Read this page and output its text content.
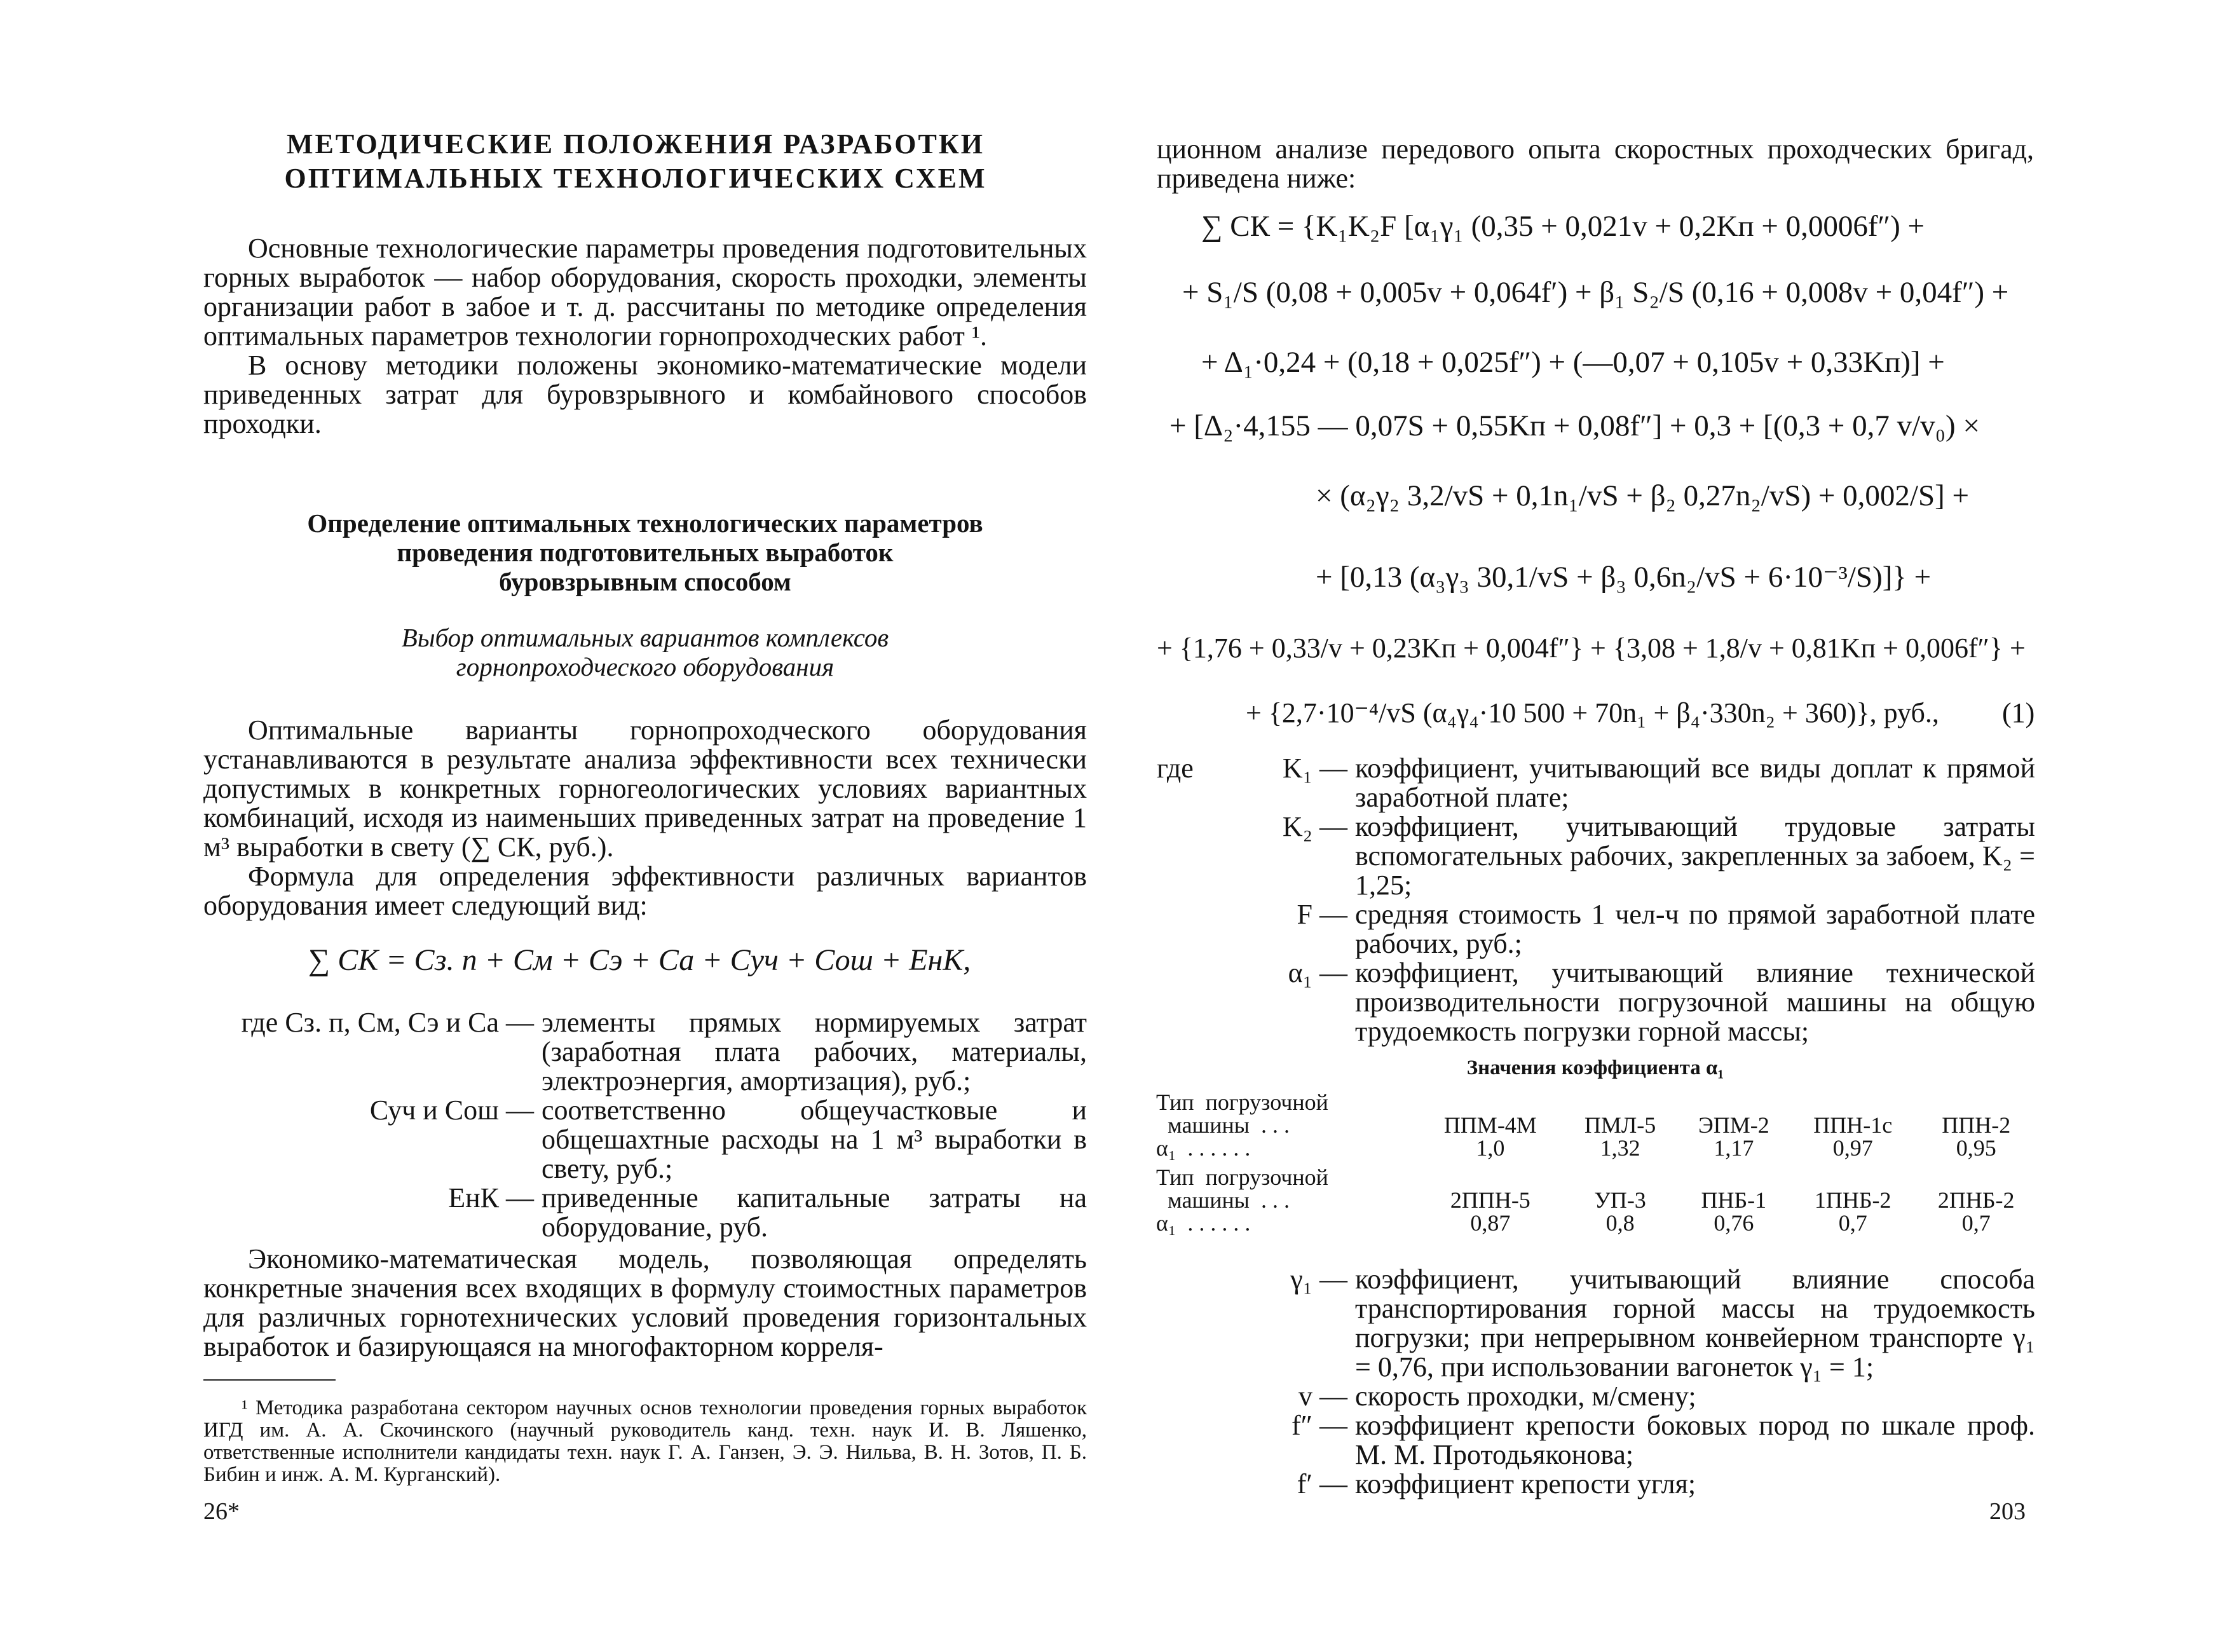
МЕТОДИЧЕСКИЕ ПОЛОЖЕНИЯ РАЗРАБОТКИ
ОПТИМАЛЬНЫХ ТЕХНОЛОГИЧЕСКИХ СХЕМ

Основные технологические параметры проведения подготовительных горных выработок — набор оборудования, скорость проходки, элементы организации работ в забое и т. д. рассчитаны по методике определения оптимальных параметров технологии горнопроходческих работ ¹.

В основу методики положены экономико-математические модели приведенных затрат для буровзрывного и комбайнового способов проходки.

Определение оптимальных технологических параметров

проведения подготовительных выработок

буровзрывным способом

Выбор оптимальных вариантов комплексов

горнопроходческого оборудования

Оптимальные варианты горнопроходческого оборудования устанавливаются в результате анализа эффективности всех технически допустимых в конкретных горногеологических условиях вариантных комбинаций, исходя из наименьших приведенных затрат на проведение 1 м³ выработки в свету (∑ СК, руб.).

Формула для определения эффективности различных вариантов оборудования имеет следующий вид:

∑ СК = Сз. п + См + Сэ + Са + Суч + Сош + ЕнК,
где Сз. п, См, Сэ и Са — элементы прямых нормируемых затрат (заработная плата рабочих, материалы, электроэнергия, амортизация), руб.;
Суч и Сош — соответственно общеучастковые и общешахтные расходы на 1 м³ выработки в свету, руб.;
ЕнК — приведенные капитальные затраты на оборудование, руб.

Экономико-математическая модель, позволяющая определять конкретные значения всех входящих в формулу стоимостных параметров для различных горнотехнических условий проведения горизонтальных выработок и базирующаяся на многофакторном корреля-

¹ Методика разработана сектором научных основ технологии проведения горных выработок ИГД им. А. А. Скочинского (научный руководитель канд. техн. наук И. В. Ляшенко, ответственные исполнители кандидаты техн. наук Г. А. Ганзен, Э. Э. Нильва, В. Н. Зотов, П. Б. Бибин и инж. А. М. Курганский).

26*

ционном анализе передового опыта скоростных проходческих бригад, приведена ниже:

∑ СК = {K₁K₂F [α₁γ₁ (0,35 + 0,021v + 0,2Kп + 0,0006f″) +
+ S₁/S (0,08 + 0,005v + 0,064f′) + β₁ S₂/S (0,16 + 0,008v + 0,04f″) +
+ Δ₁·0,24 + (0,18 + 0,025f″) + (—0,07 + 0,105v + 0,33Kп)] +
+ [Δ₂·4,155 — 0,07S + 0,55Kп + 0,08f″] + 0,3 + [(0,3 + 0,7 v/v₀) ×
× (α₂γ₂ 3,2/vS + 0,1n₁/vS + β₂ 0,27n₂/vS) + 0,002/S] +
+ [0,13 (α₃γ₃ 30,1/vS + β₃ 0,6n₂/vS + 6·10⁻³/S)]} +
+ {1,76 + 0,33/v + 0,23Kп + 0,004f″} + {3,08 + 1,8/v + 0,81Kп + 0,006f″} +
+ {2,7·10⁻⁴/vS (α₄γ₄·10 500 + 70n₁ + β₄·330n₂ + 360)}, руб., (1)
где	K₁ — коэффициент, учитывающий все виды доплат к прямой заработной плате;
K₂ — коэффициент, учитывающий трудовые затраты вспомогательных рабочих, закрепленных за забоем, K₂ = 1,25;
F — средняя стоимость 1 чел-ч по прямой заработной плате рабочих, руб.;
α₁ — коэффициент, учитывающий влияние технической производительности погрузочной машины на общую трудоемкость погрузки горной массы;
Значения коэффициента α₁
Тип  погрузочной					
машины  . . .	ППМ-4М	ПМЛ-5	ЭПМ-2	ППН-1с	ППН-2
α₁  . . . . . .	1,0	1,32	1,17	0,97	0,95
Тип  погрузочной					
машины  . . .	2ППН-5	УП-3	ПНБ-1	1ПНБ-2	2ПНБ-2
α₁  . . . . . .	0,87	0,8	0,76	0,7	0,7
γ₁ — коэффициент, учитывающий влияние способа транспортирования горной массы на трудоемкость погрузки; при непрерывном конвейерном транспорте γ₁ = 0,76, при использовании вагонеток γ₁ = 1;
v — скорость проходки, м/смену;
f″ — коэффициент крепости боковых пород по шкале проф. М. М. Протодьяконова;
f′ — коэффициент крепости угля;
203
